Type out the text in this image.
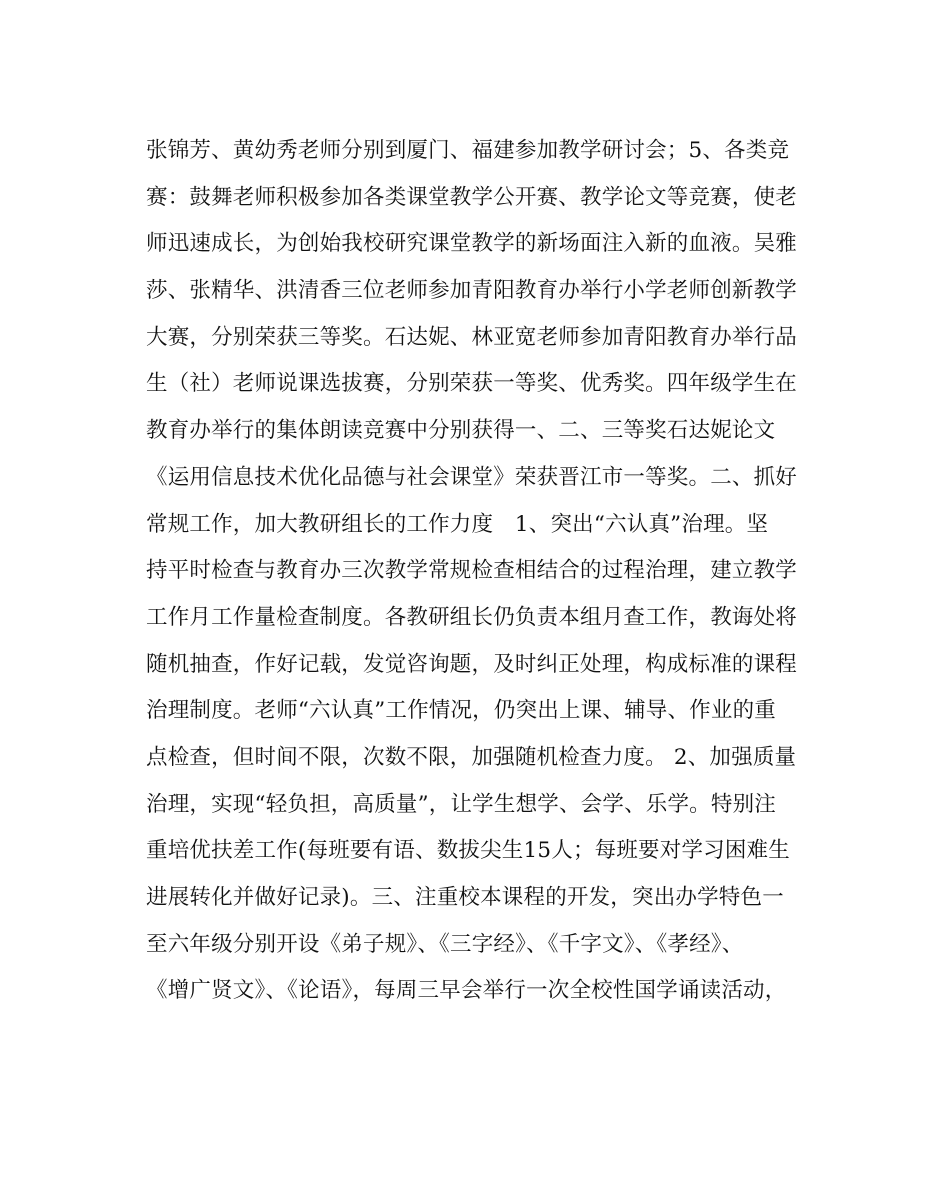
张锦芳、黄幼秀老师分别到厦门、福建参加教学研讨会；5、各类竞
赛：鼓舞老师积极参加各类课堂教学公开赛、教学论文等竞赛，使老
师迅速成长，为创始我校研究课堂教学的新场面注入新的血液。吴雅
莎、张精华、洪清香三位老师参加青阳教育办举行小学老师创新教学
大赛，分别荣获三等奖。石达妮、林亚宽老师参加青阳教育办举行品
生（社）老师说课选拔赛，分别荣获一等奖、优秀奖。四年级学生在
教育办举行的集体朗读竞赛中分别获得一、二、三等奖石达妮论文
《运用信息技术优化品德与社会课堂》荣获晋江市一等奖。二、抓好
常规工作，加大教研组长的工作力度　1、突出“六认真”治理。坚
持平时检查与教育办三次教学常规检查相结合的过程治理，建立教学
工作月工作量检查制度。各教研组长仍负责本组月查工作，教诲处将
随机抽查，作好记载，发觉咨询题，及时纠正处理，构成标准的课程
治理制度。老师“六认真”工作情况，仍突出上课、辅导、作业的重
点检查，但时间不限，次数不限，加强随机检查力度。 2、加强质量
治理，实现“轻负担，高质量”，让学生想学、会学、乐学。特别注
重培优扶差工作(每班要有语、数拔尖生15人；每班要对学习困难生
进展转化并做好记录)。三、注重校本课程的开发，突出办学特色一
至六年级分别开设《弟子规》、《三字经》、《千字文》、《孝经》、
《增广贤文》、《论语》，每周三早会举行一次全校性国学诵读活动，
